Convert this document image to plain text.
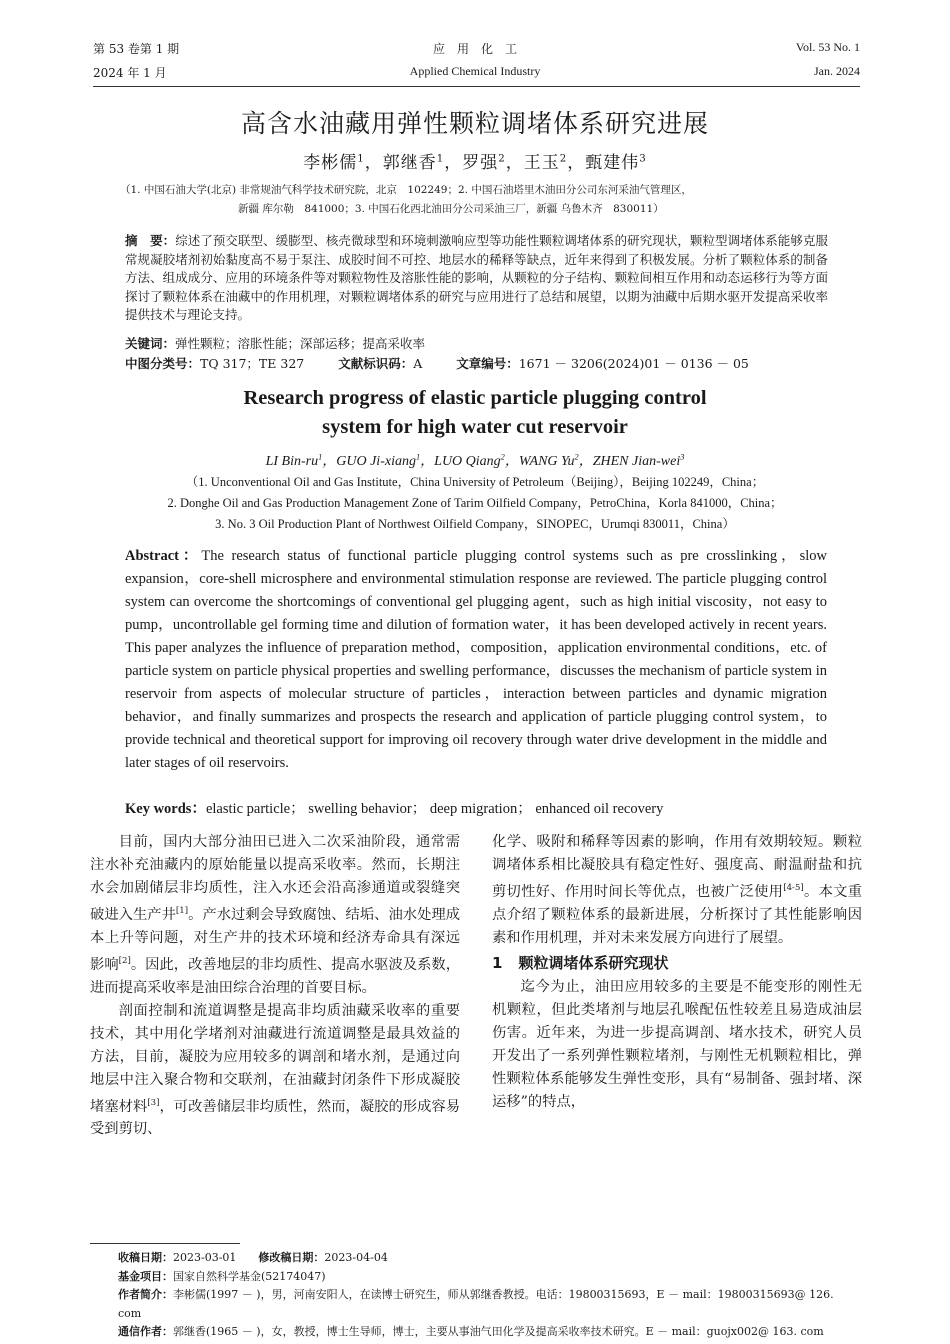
第 53 卷第 1 期
2024 年 1 月
应　用　化　工
Applied Chemical Industry
Vol. 53 No. 1
Jan. 2024
高含水油藏用弹性颗粒调堵体系研究进展
李彬儒$^1$，郭继香$^1$，罗强$^2$，王玉$^2$，甄建伟$^3$
（1. 中国石油大学(北京) 非常规油气科学技术研究院，北京　102249；2. 中国石油塔里木油田分公司东河采油气管理区，
新疆 库尔勒　841000；3. 中国石化西北油田分公司采油三厂，新疆 乌鲁木齐　830011）
摘　要：综述了预交联型、缓膨型、核壳微球型和环境刺激响应型等功能性颗粒调堵体系的研究现状，颗粒型调堵体系能够克服常规凝胶堵剂初始黏度高不易于泵注、成胶时间不可控、地层水的稀释等缺点，近年来得到了积极发展。分析了颗粒体系的制备方法、组成成分、应用的环境条件等对颗粒物性及溶胀性能的影响，从颗粒的分子结构、颗粒间相互作用和动态运移行为等方面探讨了颗粒体系在油藏中的作用机理，对颗粒调堵体系的研究与应用进行了总结和展望，以期为油藏中后期水驱开发提高采收率提供技术与理论支持。
关键词：弹性颗粒；溶胀性能；深部运移；提高采收率
中图分类号：TQ 317；TE 327	文献标识码：A	文章编号：1671 － 3206(2024)01 － 0136 － 05
Research progress of elastic particle plugging control
system for high water cut reservoir
LI Bin-$ru^1$，GUO Ji-xiang$^1$，LUO Qiang$^2$，WANG Yu$^2$，ZHEN Jian-wei$^3$
（1. Unconventional Oil and Gas Institute，China University of Petroleum（Beijing），Beijing 102249，China；
2. Donghe Oil and Gas Production Management Zone of Tarim Oilfield Company，PetroChina，Korla 841000，China；
3. No. 3 Oil Production Plant of Northwest Oilfield Company，SINOPEC，Urumqi 830011，China）
Abstract：The research status of functional particle plugging control systems such as pre crosslinking，slow expansion，core-shell microsphere and environmental stimulation response are reviewed. The particle plugging control system can overcome the shortcomings of conventional gel plugging agent，such as high initial viscosity，not easy to pump，uncontrollable gel forming time and dilution of formation water，it has been developed actively in recent years. This paper analyzes the influence of preparation method，composition，application environmental conditions，etc. of particle system on particle physical properties and swelling performance，discusses the mechanism of particle system in reservoir from aspects of molecular structure of particles，interaction between particles and dynamic migration behavior，and finally summarizes and prospects the research and application of particle plugging control system，to provide technical and theoretical support for improving oil recovery through water drive development in the middle and later stages of oil reservoirs.
Key words：elastic particle； swelling behavior； deep migration； enhanced oil recovery

目前，国内大部分油田已进入二次采油阶段，通常需注水补充油藏内的原始能量以提高采收率。然而，长期注水会加剧储层非均质性，注入水还会沿高渗通道或裂缝突破进入生产井[1]。产水过剩会导致腐蚀、结垢、油水处理成本上升等问题，对生产井的技术环境和经济寿命具有深远影响[2]。因此，改善地层的非均质性、提高水驱波及系数，进而提高采收率是油田综合治理的首要目标。

剖面控制和流道调整是提高非均质油藏采收率的重要技术，其中用化学堵剂对油藏进行流道调整是最具效益的方法，目前，凝胶为应用较多的调剖和堵水剂，是通过向地层中注入聚合物和交联剂，在油藏封闭条件下形成凝胶堵塞材料[3]，可改善储层非均质性，然而，凝胶的形成容易受到剪切、

化学、吸附和稀释等因素的影响，作用有效期较短。颗粒调堵体系相比凝胶具有稳定性好、强度高、耐温耐盐和抗剪切性好、作用时间长等优点，也被广泛使用[4-5]。本文重点介绍了颗粒体系的最新进展，分析探讨了其性能影响因素和作用机理，并对未来发展方向进行了展望。

1 颗粒调堵体系研究现状

迄今为止，油田应用较多的主要是不能变形的刚性无机颗粒，但此类堵剂与地层孔喉配伍性较差且易造成油层伤害。近年来，为进一步提高调剖、堵水技术，研究人员开发出了一系列弹性颗粒堵剂，与刚性无机颗粒相比，弹性颗粒体系能够发生弹性变形，具有“易制备、强封堵、深运移”的特点，

收稿日期：2023-03-01 修改稿日期：2023-04-04
基金项目：国家自然科学基金(52174047)
作者简介：李彬儒(1997 － )，男，河南安阳人，在读博士研究生，师从郭继香教授。电话：19800315693，E － mail：19800315693@ 126. com
通信作者：郭继香(1965 － )，女，教授，博士生导师，博士，主要从事油气田化学及提高采收率技术研究。E － mail：guojx002@ 163. com
